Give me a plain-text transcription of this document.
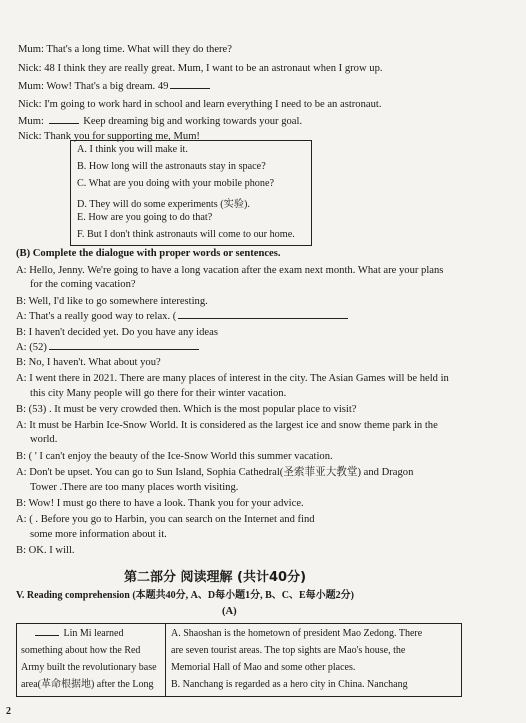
Mum: That's a long time. What will they do there?
Nick: 48 I think they are really great. Mum, I want to be an astronaut when I grow up.
Mum: Wow! That's a big dream. 49
Nick: I'm going to work hard in school and learn everything I need to be an astronaut.
Mum:	Keep dreaming big and working towards your goal.
Nick: Thank you for supporting me, Mum!
A. I think you will make it.
B. How long will the astronauts stay in space?
C. What are you doing with your mobile phone?
D. They will do some experiments (实验).
E. How are you going to do that?
F. But I don't think astronauts will come to our home.
(B) Complete the dialogue with proper words or sentences.
A: Hello, Jenny. We're going to have a long vacation after the exam next month. What are your plans
for the coming vacation?
B: Well, I'd like to go somewhere interesting.
A: That's a really good way to relax. (
B: I haven't decided yet. Do you have any ideas
A: (52)
B: No, I haven't. What about you?
A: I went there in 2021. There are many places of interest in the city. The Asian Games will be held in
this city Many people will go there for their winter vacation.
B: (53) . It must be very crowded then. Which is the most popular place to visit?
A: It must be Harbin Ice-Snow World. It is considered as the largest ice and snow theme park in the
world.
B: ( ' I can't enjoy the beauty of the Ice-Snow World this summer vacation.
A: Don't be upset. You can go to Sun Island, Sophia Cathedral(圣索菲亚大教堂) and Dragon
Tower .There are too many places worth visiting.
B: Wow! I must go there to have a look. Thank you for your advice.
A: ( . Before you go to Harbin, you can search on the Internet and find
some more information about it.
B: OK. I will.
第二部分 阅读理解 (共计40分)
V. Reading comprehension (本题共40分, A、D每小题1分, B、C、E每小题2分)
(A)
Lin Mi learned
something about how the Red
Army built the revolutionary base
area(革命根据地) after the Long
A. Shaoshan is the hometown of president Mao Zedong. There
are seven tourist areas. The top sights are Mao's house, the
Memorial Hall of Mao and some other places.
B. Nanchang is regarded as a hero city in China. Nanchang
2
